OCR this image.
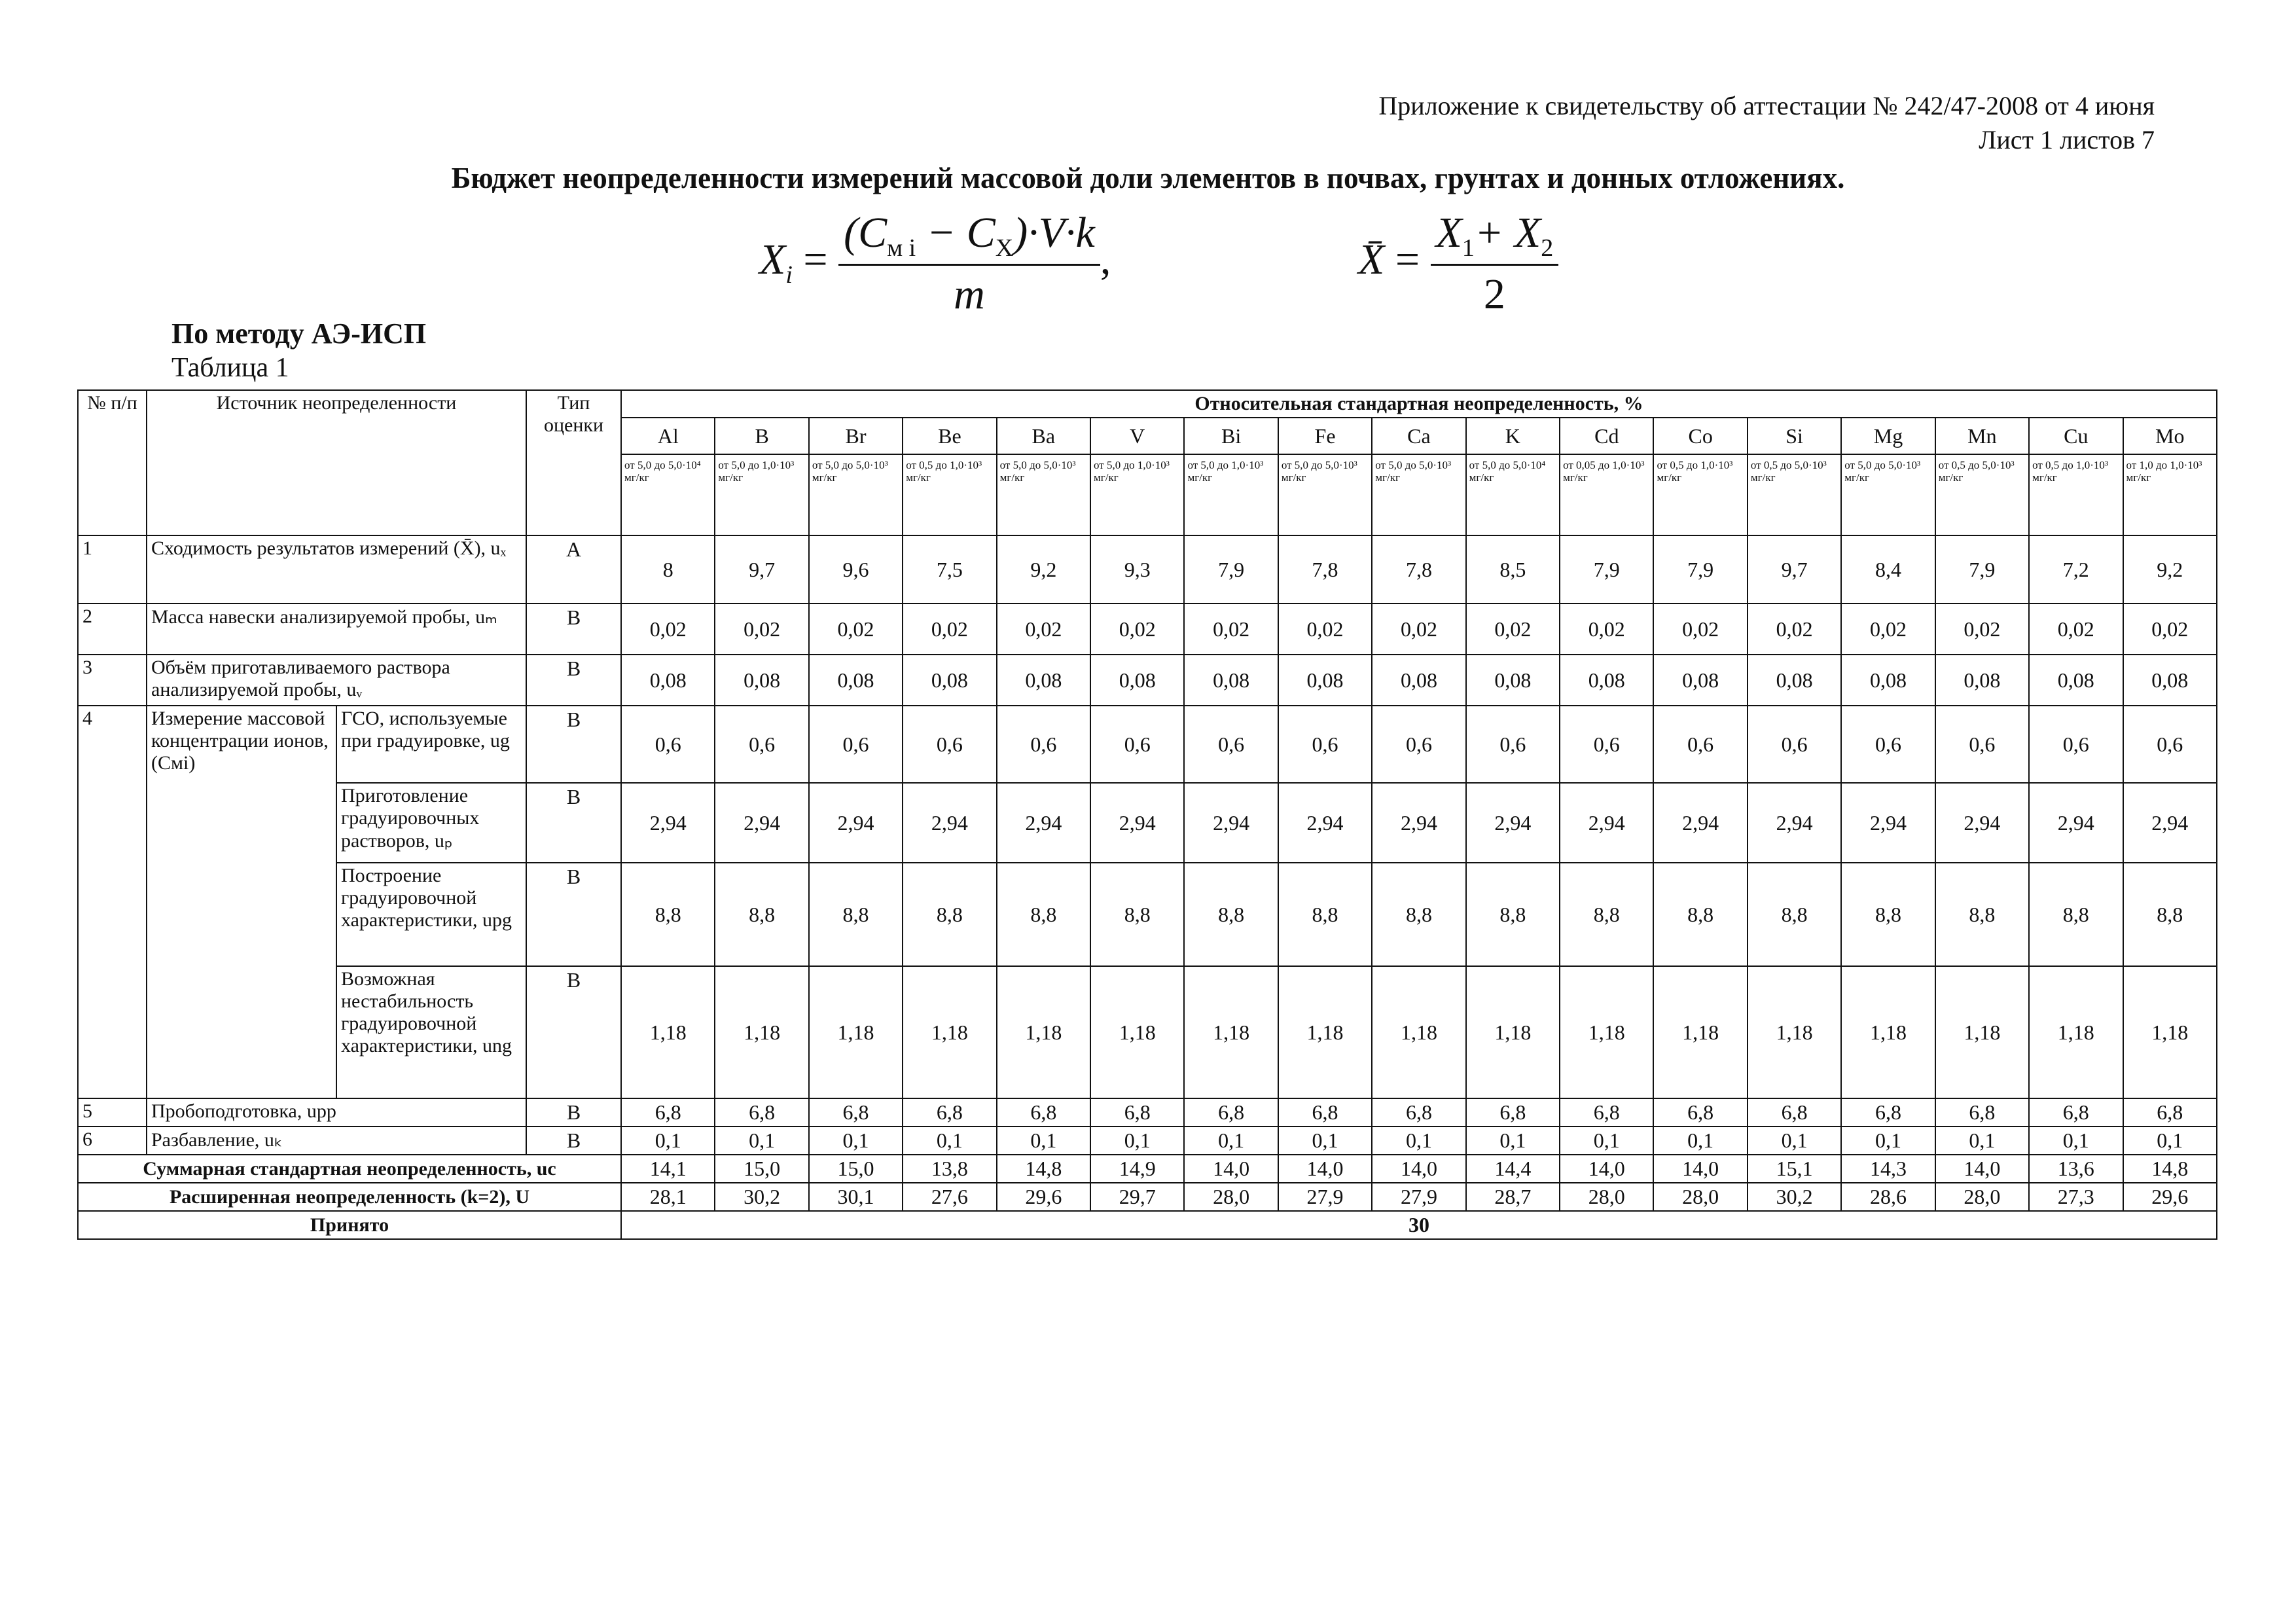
Приложение к свидетельству об аттестации № 242/47-2008 от 4 июня
Лист 1 листов 7
Бюджет неопределенности измерений массовой доли элементов в почвах, грунтах и донных отложениях.
$X_i = \frac{(C_{м i} - C_X)\cdot V\cdot k}{m}$ ,	X̄ = $\frac{X_1+ X_2}{2}$
По методу АЭ-ИСП
Таблица 1
№ п/п	Источник неопределенности		Тип оценки	Относительная стандартная неопределенность, %																
				Al	B	Br	Be	Ba	V	Bi	Fe	Ca	K	Cd	Co	Si	Mg	Mn	Cu	Mo
				от 5,0 до 5,0·10⁴ мг/кг	от 5,0 до 1,0·10³ мг/кг	от 5,0 до 5,0·10³ мг/кг	от 0,5 до 1,0·10³ мг/кг	от 5,0 до 5,0·10³ мг/кг	от 5,0 до 1,0·10³ мг/кг	от 5,0 до 1,0·10³ мг/кг	от 5,0 до 5,0·10³ мг/кг	от 5,0 до 5,0·10³ мг/кг	от 5,0 до 5,0·10⁴ мг/кг	от 0,05 до 1,0·10³ мг/кг	от 0,5 до 1,0·10³ мг/кг	от 0,5 до 5,0·10³ мг/кг	от 5,0 до 5,0·10³ мг/кг	от 0,5 до 5,0·10³ мг/кг	от 0,5 до 1,0·10³ мг/кг	от 1,0 до 1,0·10³ мг/кг
1	Сходимость результатов измерений (X̄), uₓ		А	8	9,7	9,6	7,5	9,2	9,3	7,9	7,8	7,8	8,5	7,9	7,9	9,7	8,4	7,9	7,2	9,2
2	Масса навески анализируемой пробы, uₘ		В	0,02	0,02	0,02	0,02	0,02	0,02	0,02	0,02	0,02	0,02	0,02	0,02	0,02	0,02	0,02	0,02	0,02
3	Объём приготавливаемого раствора анализируемой пробы, uᵥ		В	0,08	0,08	0,08	0,08	0,08	0,08	0,08	0,08	0,08	0,08	0,08	0,08	0,08	0,08	0,08	0,08	0,08
4	Измерение массовой концентрации ионов, (Cмi)	ГСО, используемые при градуировке, ug	В	0,6	0,6	0,6	0,6	0,6	0,6	0,6	0,6	0,6	0,6	0,6	0,6	0,6	0,6	0,6	0,6	0,6
		Приготовление градуировочных растворов, uₚ	В	2,94	2,94	2,94	2,94	2,94	2,94	2,94	2,94	2,94	2,94	2,94	2,94	2,94	2,94	2,94	2,94	2,94
		Построение градуировочной характеристики, upg	В	8,8	8,8	8,8	8,8	8,8	8,8	8,8	8,8	8,8	8,8	8,8	8,8	8,8	8,8	8,8	8,8	8,8
		Возможная нестабильность градуировочной характеристики, ung	В	1,18	1,18	1,18	1,18	1,18	1,18	1,18	1,18	1,18	1,18	1,18	1,18	1,18	1,18	1,18	1,18	1,18
5	Пробоподготовка, upp		В	6,8	6,8	6,8	6,8	6,8	6,8	6,8	6,8	6,8	6,8	6,8	6,8	6,8	6,8	6,8	6,8	6,8
6	Разбавление, uₖ		В	0,1	0,1	0,1	0,1	0,1	0,1	0,1	0,1	0,1	0,1	0,1	0,1	0,1	0,1	0,1	0,1	0,1
Суммарная стандартная неопределенность, uc				14,1	15,0	15,0	13,8	14,8	14,9	14,0	14,0	14,0	14,4	14,0	14,0	15,1	14,3	14,0	13,6	14,8
Расширенная неопределенность (k=2), U				28,1	30,2	30,1	27,6	29,6	29,7	28,0	27,9	27,9	28,7	28,0	28,0	30,2	28,6	28,0	27,3	29,6
Принято				30																
